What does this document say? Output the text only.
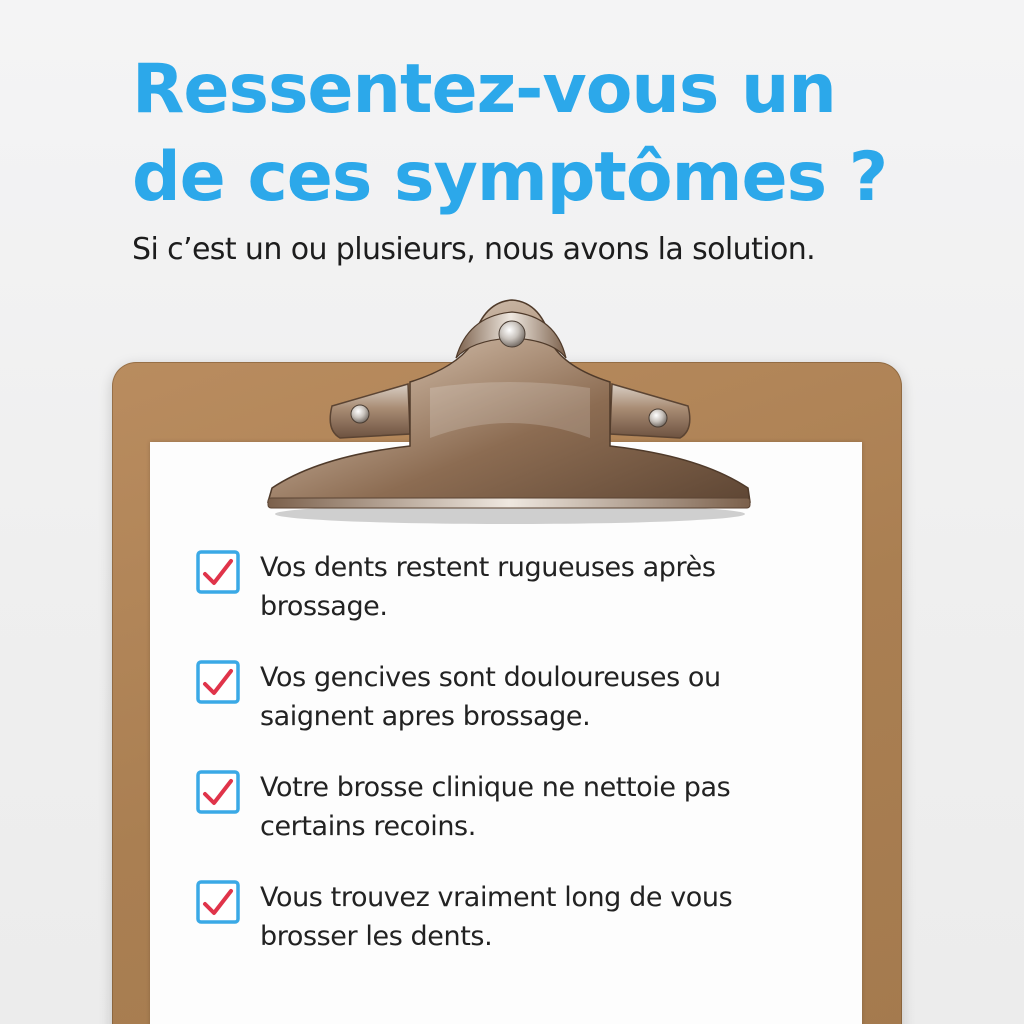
Ressentez-vous un
de ces symptômes ?

Si c’est un ou plusieurs, nous avons la solution.

Vos dents restent rugueuses après brossage.
Vos gencives sont douloureuses ou saignent apres brossage.
Votre brosse clinique ne nettoie pas certains recoins.
Vous trouvez vraiment long de vous brosser les dents.
